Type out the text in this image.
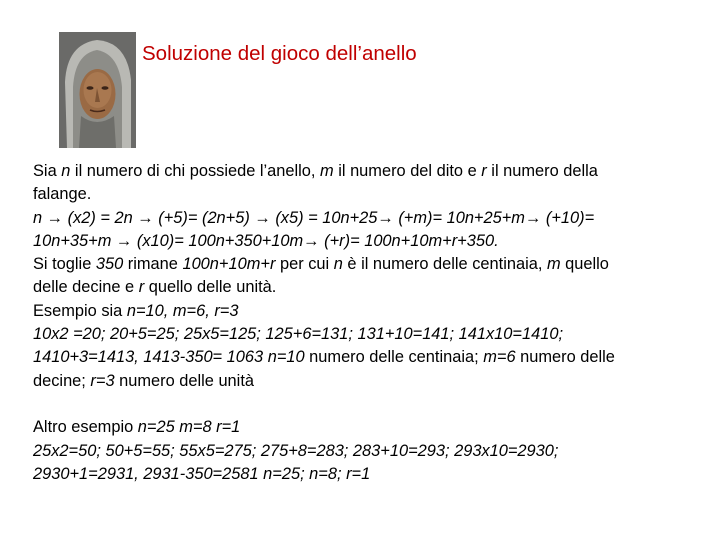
Soluzione del gioco dell’anello

Sia n il numero di chi possiede l’anello, m il numero del dito e r il numero della

falange.

n → (x2) = 2n → (+5)= (2n+5) → (x5) = 10n+25→ (+m)= 10n+25+m→ (+10)=

10n+35+m → (x10)= 100n+350+10m→ (+r)= 100n+10m+r+350.

Si toglie 350 rimane 100n+10m+r per cui n è il numero delle centinaia, m quello

delle decine e r quello delle unità.

Esempio sia n=10, m=6, r=3

10x2 =20; 20+5=25; 25x5=125; 125+6=131; 131+10=141; 141x10=1410;

1410+3=1413, 1413-350= 1063 n=10 numero delle centinaia; m=6 numero delle

decine; r=3 numero delle unità

Altro esempio n=25 m=8 r=1

25x2=50; 50+5=55; 55x5=275; 275+8=283; 283+10=293; 293x10=2930;

2930+1=2931, 2931-350=2581 n=25; n=8; r=1
